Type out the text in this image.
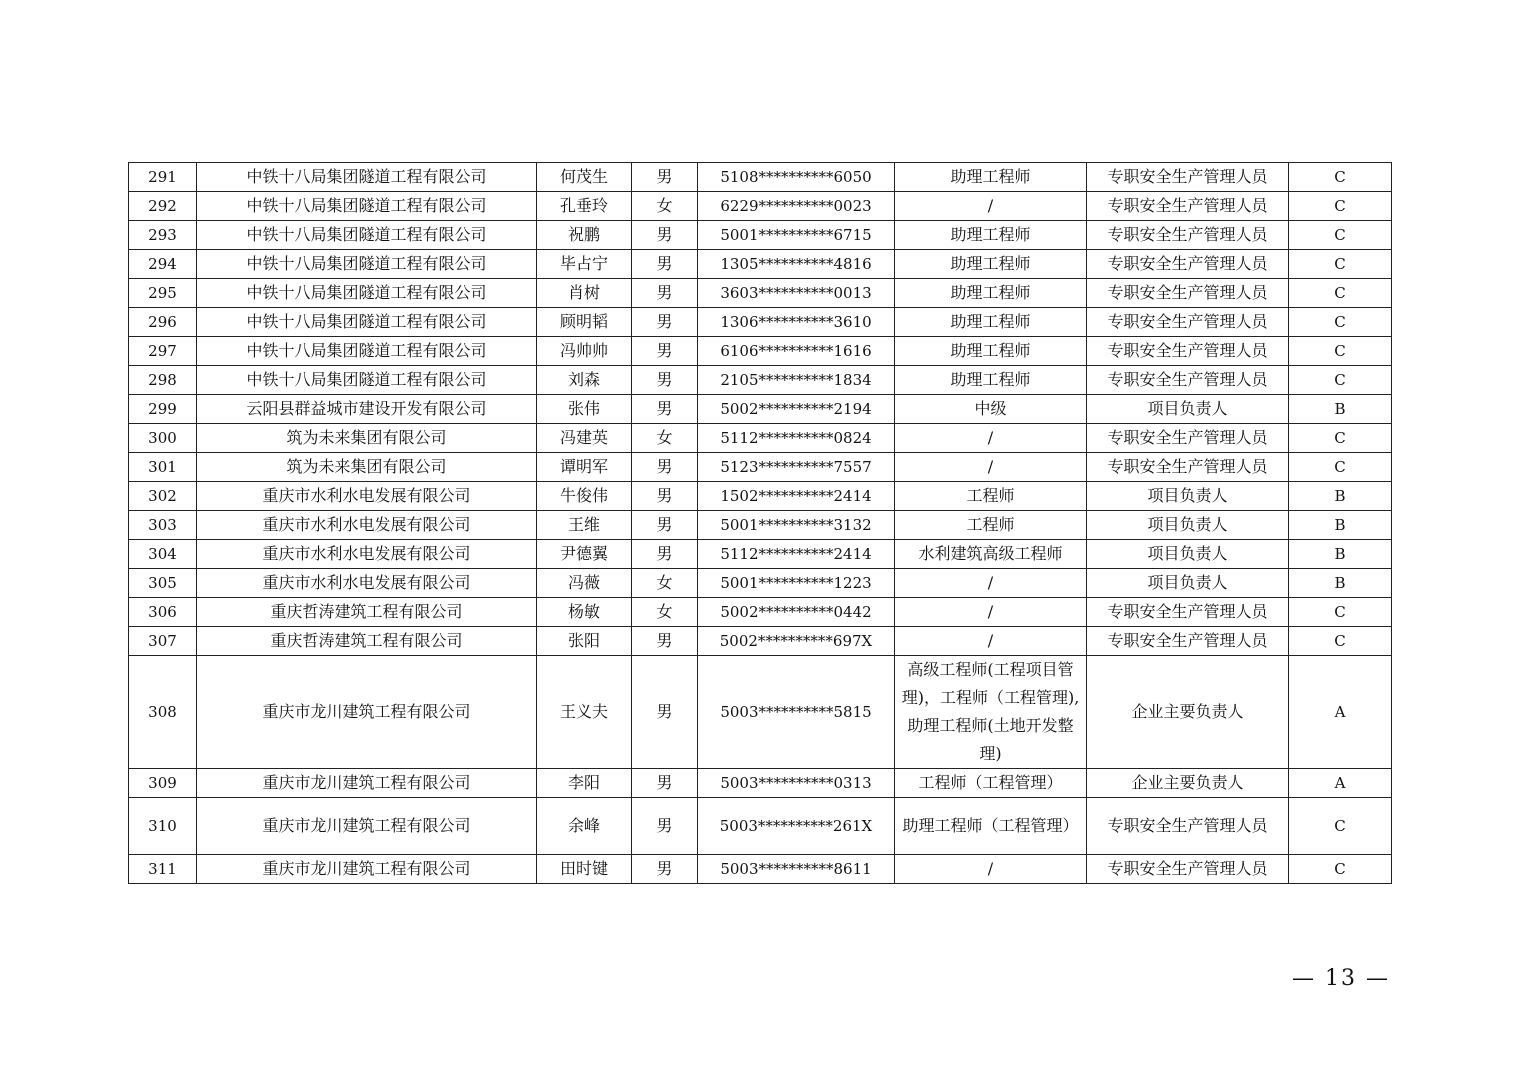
291	中铁十八局集团隧道工程有限公司	何茂生	男	5108**********6050	助理工程师	专职安全生产管理人员	C
292	中铁十八局集团隧道工程有限公司	孔垂玲	女	6229**********0023	/	专职安全生产管理人员	C
293	中铁十八局集团隧道工程有限公司	祝鹏	男	5001**********6715	助理工程师	专职安全生产管理人员	C
294	中铁十八局集团隧道工程有限公司	毕占宁	男	1305**********4816	助理工程师	专职安全生产管理人员	C
295	中铁十八局集团隧道工程有限公司	肖树	男	3603**********0013	助理工程师	专职安全生产管理人员	C
296	中铁十八局集团隧道工程有限公司	顾明韬	男	1306**********3610	助理工程师	专职安全生产管理人员	C
297	中铁十八局集团隧道工程有限公司	冯帅帅	男	6106**********1616	助理工程师	专职安全生产管理人员	C
298	中铁十八局集团隧道工程有限公司	刘森	男	2105**********1834	助理工程师	专职安全生产管理人员	C
299	云阳县群益城市建设开发有限公司	张伟	男	5002**********2194	中级	项目负责人	B
300	筑为未来集团有限公司	冯建英	女	5112**********0824	/	专职安全生产管理人员	C
301	筑为未来集团有限公司	谭明军	男	5123**********7557	/	专职安全生产管理人员	C
302	重庆市水利水电发展有限公司	牛俊伟	男	1502**********2414	工程师	项目负责人	B
303	重庆市水利水电发展有限公司	王维	男	5001**********3132	工程师	项目负责人	B
304	重庆市水利水电发展有限公司	尹德翼	男	5112**********2414	水利建筑高级工程师	项目负责人	B
305	重庆市水利水电发展有限公司	冯薇	女	5001**********1223	/	项目负责人	B
306	重庆哲涛建筑工程有限公司	杨敏	女	5002**********0442	/	专职安全生产管理人员	C
307	重庆哲涛建筑工程有限公司	张阳	男	5002**********697X	/	专职安全生产管理人员	C
308	重庆市龙川建筑工程有限公司	王义夫	男	5003**********5815	高级工程师(工程项目管理)，工程师（工程管理),助理工程师(土地开发整理)	企业主要负责人	A
309	重庆市龙川建筑工程有限公司	李阳	男	5003**********0313	工程师（工程管理）	企业主要负责人	A
310	重庆市龙川建筑工程有限公司	余峰	男	5003**********261X	助理工程师（工程管理）	专职安全生产管理人员	C
311	重庆市龙川建筑工程有限公司	田时键	男	5003**********8611	/	专职安全生产管理人员	C
— 13 —
